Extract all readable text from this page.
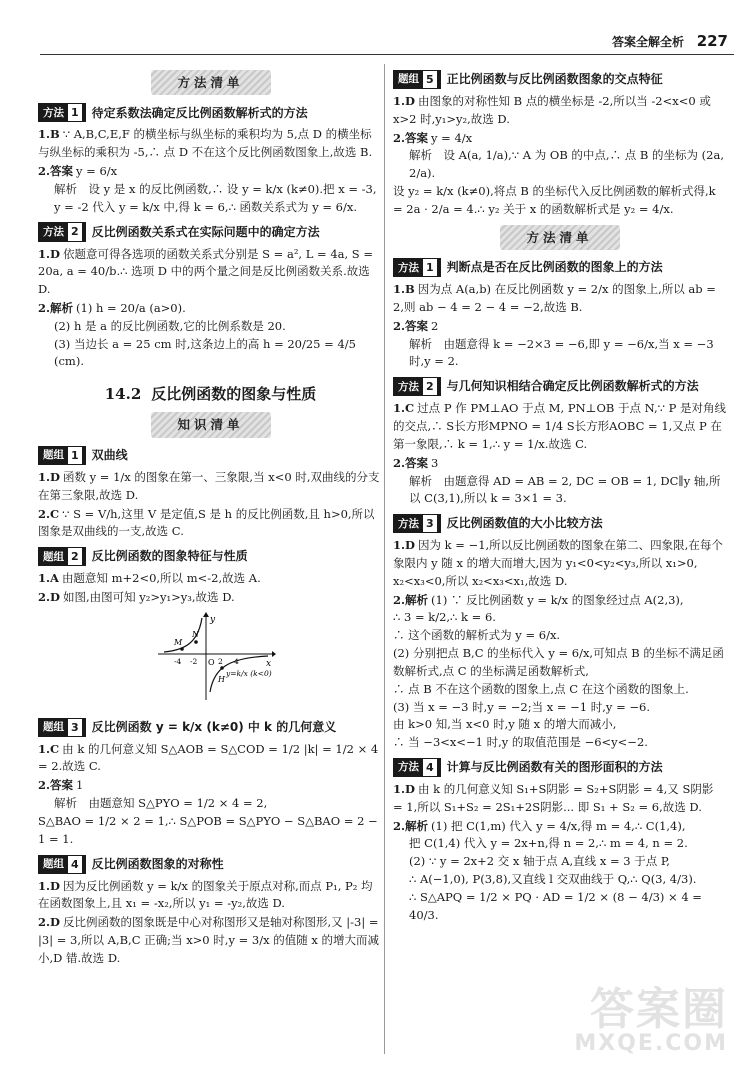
答案全解全析 227
方法清单
方法 1 待定系数法确定反比例函数解析式的方法

1.B ∵ A,B,C,E,F 的横坐标与纵坐标的乘积均为 5,点 D 的横坐标与纵坐标的乘积为 -5,∴ 点 D 不在这个反比例函数图象上,故选 B.

2.答案 y = 6/x

解析　设 y 是 x 的反比例函数,∴ 设 y = k/x (k≠0).把 x = -3, y = -2 代入 y = k/x 中,得 k = 6,∴ 函数关系式为 y = 6/x.

方法 2 反比例函数关系式在实际问题中的确定方法

1.D 依题意可得各选项的函数关系式分别是 S = a², L = 4a, S = 20a, a = 40/b.∴ 选项 D 中的两个量之间是反比例函数关系.故选 D.

2.解析 (1) h = 20/a (a>0).

(2) h 是 a 的反比例函数,它的比例系数是 20.

(3) 当边长 a = 25 cm 时,这条边上的高 h = 20/25 = 4/5 (cm).

14.2 反比例函数的图象与性质
知识清单
题组 1 双曲线

1.D 函数 y = 1/x 的图象在第一、三象限,当 x<0 时,双曲线的分支在第三象限,故选 D.

2.C ∵ S = V/h,这里 V 是定值,S 是 h 的反比例函数,且 h>0,所以图象是双曲线的一支,故选 C.

题组 2 反比例函数的图象特征与性质

1.A 由题意知 m+2<0,所以 m<-2,故选 A.

2.D 如图,由图可知 y₂>y₁>y₃,故选 D.

y
x
O
M
N
H
-4 -2	2 4
y=k/x (k<0)
题组 3 反比例函数 y = k/x (k≠0) 中 k 的几何意义

1.C 由 k 的几何意义知 S△AOB = S△COD = 1/2 |k| = 1/2 × 4 = 2.故选 C.

2.答案 1

解析　由题意知 S△PYO = 1/2 × 4 = 2,

S△BAO = 1/2 × 2 = 1,∴ S△POB = S△PYO − S△BAO = 2 − 1 = 1.

题组 4 反比例函数图象的对称性

1.D 因为反比例函数 y = k/x 的图象关于原点对称,而点 P₁, P₂ 均在函数图象上,且 x₁ = -x₂,所以 y₁ = -y₂,故选 D.

2.D 反比例函数的图象既是中心对称图形又是轴对称图形,又 |-3| = |3| = 3,所以 A,B,C 正确;当 x>0 时,y = 3/x 的值随 x 的增大而减小,D 错.故选 D.

题组 5 正比例函数与反比例函数图象的交点特征

1.D 由图象的对称性知 B 点的横坐标是 -2,所以当 -2<x<0 或 x>2 时,y₁>y₂,故选 D.

2.答案 y = 4/x

解析　设 A(a, 1/a),∵ A 为 OB 的中点,∴ 点 B 的坐标为 (2a, 2/a).

设 y₂ = k/x (k≠0),将点 B 的坐标代入反比例函数的解析式得,k = 2a · 2/a = 4.∴ y₂ 关于 x 的函数解析式是 y₂ = 4/x.

方法清单
方法 1 判断点是否在反比例函数的图象上的方法

1.B 因为点 A(a,b) 在反比例函数 y = 2/x 的图象上,所以 ab = 2,则 ab − 4 = 2 − 4 = −2,故选 B.

2.答案 2

解析　由题意得 k = −2×3 = −6,即 y = −6/x,当 x = −3 时,y = 2.

方法 2 与几何知识相结合确定反比例函数解析式的方法

1.C 过点 P 作 PM⊥AO 于点 M, PN⊥OB 于点 N,∵ P 是对角线的交点,∴ S长方形MPNO = 1/4 S长方形AOBC = 1,又点 P 在第一象限,∴ k = 1,∴ y = 1/x.故选 C.

2.答案 3

解析　由题意得 AD = AB = 2, DC = OB = 1, DC∥y 轴,所以 C(3,1),所以 k = 3×1 = 3.

方法 3 反比例函数值的大小比较方法

1.D 因为 k = −1,所以反比例函数的图象在第二、四象限,在每个象限内 y 随 x 的增大而增大,因为 y₁<0<y₂<y₃,所以 x₁>0, x₂<x₃<0,所以 x₂<x₃<x₁,故选 D.

2.解析 (1) ∵ 反比例函数 y = k/x 的图象经过点 A(2,3),

∴ 3 = k/2,∴ k = 6.

∴ 这个函数的解析式为 y = 6/x.

(2) 分别把点 B,C 的坐标代入 y = 6/x,可知点 B 的坐标不满足函数解析式,点 C 的坐标满足函数解析式,

∴ 点 B 不在这个函数的图象上,点 C 在这个函数的图象上.

(3) 当 x = −3 时,y = −2;当 x = −1 时,y = −6.

由 k>0 知,当 x<0 时,y 随 x 的增大而减小,

∴ 当 −3<x<−1 时,y 的取值范围是 −6<y<−2.

方法 4 计算与反比例函数有关的图形面积的方法

1.D 由 k 的几何意义知 S₁+S阴影 = S₂+S阴影 = 4,又 S阴影 = 1,所以 S₁+S₂ = 2S₁+2S阴影... 即 S₁ + S₂ = 6,故选 D.

2.解析 (1) 把 C(1,m) 代入 y = 4/x,得 m = 4,∴ C(1,4),

把 C(1,4) 代入 y = 2x+n,得 n = 2,∴ m = 4, n = 2.

(2) ∵ y = 2x+2 交 x 轴于点 A,直线 x = 3 于点 P,

∴ A(−1,0), P(3,8),又直线 l 交双曲线于 Q,∴ Q(3, 4/3).

∴ S△APQ = 1/2 × PQ · AD = 1/2 × (8 − 4/3) × 4 = 40/3.

答案圈
MXQE.COM
